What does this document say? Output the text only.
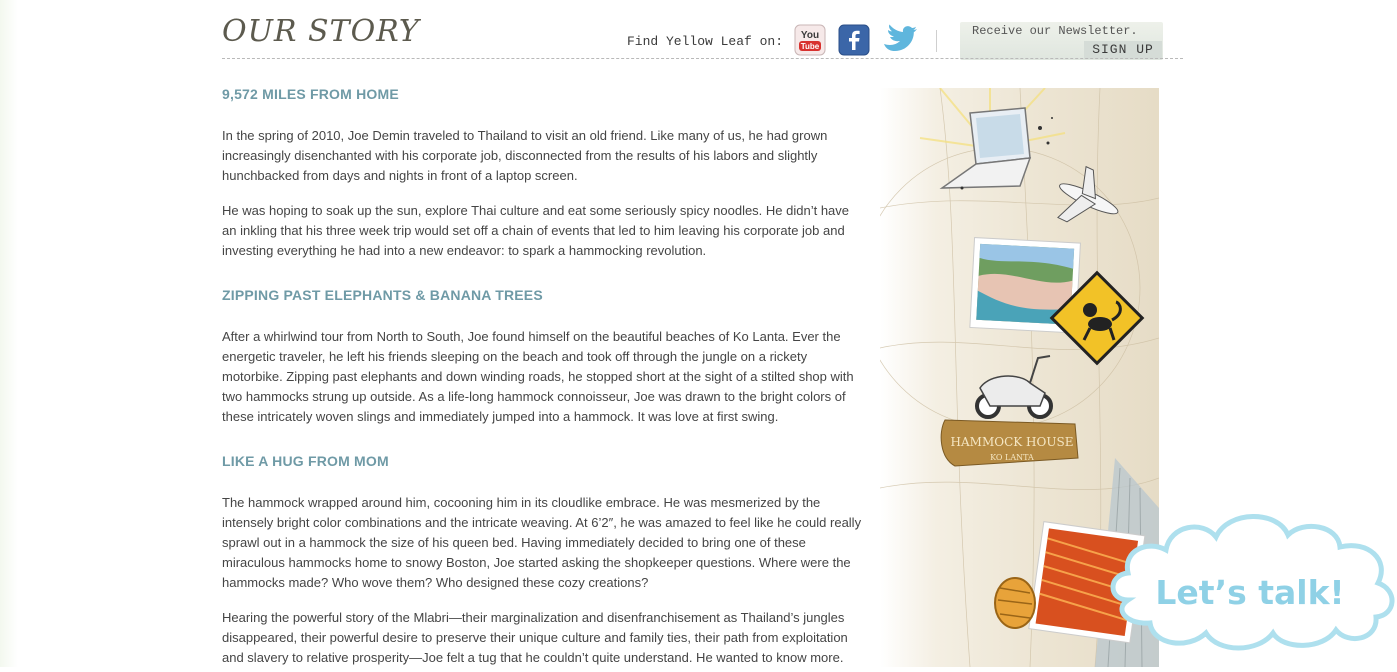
OUR STORY	Find Yellow Leaf on: You
Tube
Receive our Newsletter.
SIGN UP
9,572 MILES FROM HOME

In the spring of 2010, Joe Demin traveled to Thailand to visit an old friend. Like many of us, he had grown increasingly disenchanted with his corporate job, disconnected from the results of his labors and slightly hunchbacked from days and nights in front of a laptop screen.

He was hoping to soak up the sun, explore Thai culture and eat some seriously spicy noodles. He didn’t have an inkling that his three week trip would set off a chain of events that led to him leaving his corporate job and investing everything he had into a new endeavor: to spark a hammocking revolution.

ZIPPING PAST ELEPHANTS & BANANA TREES

After a whirlwind tour from North to South, Joe found himself on the beautiful beaches of Ko Lanta. Ever the energetic traveler, he left his friends sleeping on the beach and took off through the jungle on a rickety motorbike. Zipping past elephants and down winding roads, he stopped short at the sight of a stilted shop with two hammocks strung up outside. As a life-long hammock connoisseur, Joe was drawn to the bright colors of these intricately woven slings and immediately jumped into a hammock. It was love at first swing.

LIKE A HUG FROM MOM

The hammock wrapped around him, cocooning him in its cloudlike embrace. He was mesmerized by the intensely bright color combinations and the intricate weaving. At 6’2″, he was amazed to feel like he could really sprawl out in a hammock the size of his queen bed. Having immediately decided to bring one of these miraculous hammocks home to snowy Boston, Joe started asking the shopkeeper questions. Where were the hammocks made? Who wove them? Who designed these cozy creations?

Hearing the powerful story of the Mlabri—their marginalization and disenfranchisement as Thailand’s jungles disappeared, their powerful desire to preserve their unique culture and family ties, their path from exploitation and slavery to relative prosperity—Joe felt a tug that he couldn’t quite understand. He wanted to know more.

HAMMOCK HOUSE
KO LANTA
Let’s talk!
